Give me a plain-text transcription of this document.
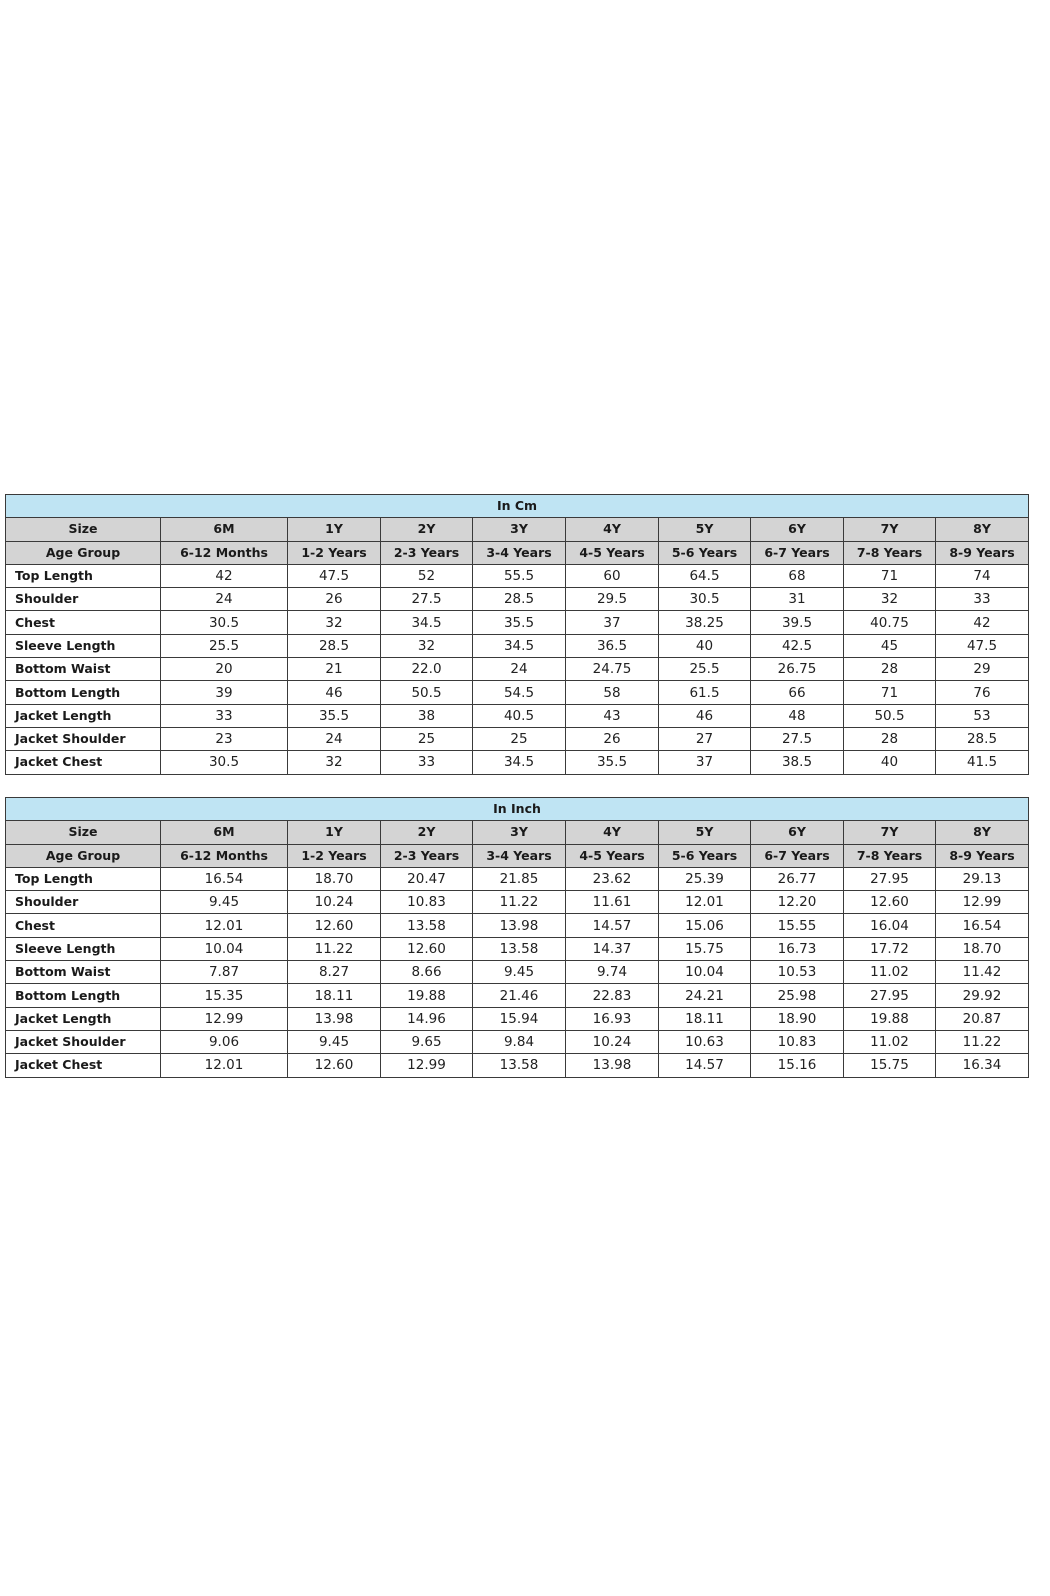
In Cm									
Size	6M	1Y	2Y	3Y	4Y	5Y	6Y	7Y	8Y
Age Group	6-12 Months	1-2 Years	2-3 Years	3-4 Years	4-5 Years	5-6 Years	6-7 Years	7-8 Years	8-9 Years
Top Length	42	47.5	52	55.5	60	64.5	68	71	74
Shoulder	24	26	27.5	28.5	29.5	30.5	31	32	33
Chest	30.5	32	34.5	35.5	37	38.25	39.5	40.75	42
Sleeve Length	25.5	28.5	32	34.5	36.5	40	42.5	45	47.5
Bottom Waist	20	21	22.0	24	24.75	25.5	26.75	28	29
Bottom Length	39	46	50.5	54.5	58	61.5	66	71	76
Jacket Length	33	35.5	38	40.5	43	46	48	50.5	53
Jacket Shoulder	23	24	25	25	26	27	27.5	28	28.5
Jacket Chest	30.5	32	33	34.5	35.5	37	38.5	40	41.5
In Inch									
Size	6M	1Y	2Y	3Y	4Y	5Y	6Y	7Y	8Y
Age Group	6-12 Months	1-2 Years	2-3 Years	3-4 Years	4-5 Years	5-6 Years	6-7 Years	7-8 Years	8-9 Years
Top Length	16.54	18.70	20.47	21.85	23.62	25.39	26.77	27.95	29.13
Shoulder	9.45	10.24	10.83	11.22	11.61	12.01	12.20	12.60	12.99
Chest	12.01	12.60	13.58	13.98	14.57	15.06	15.55	16.04	16.54
Sleeve Length	10.04	11.22	12.60	13.58	14.37	15.75	16.73	17.72	18.70
Bottom Waist	7.87	8.27	8.66	9.45	9.74	10.04	10.53	11.02	11.42
Bottom Length	15.35	18.11	19.88	21.46	22.83	24.21	25.98	27.95	29.92
Jacket Length	12.99	13.98	14.96	15.94	16.93	18.11	18.90	19.88	20.87
Jacket Shoulder	9.06	9.45	9.65	9.84	10.24	10.63	10.83	11.02	11.22
Jacket Chest	12.01	12.60	12.99	13.58	13.98	14.57	15.16	15.75	16.34
